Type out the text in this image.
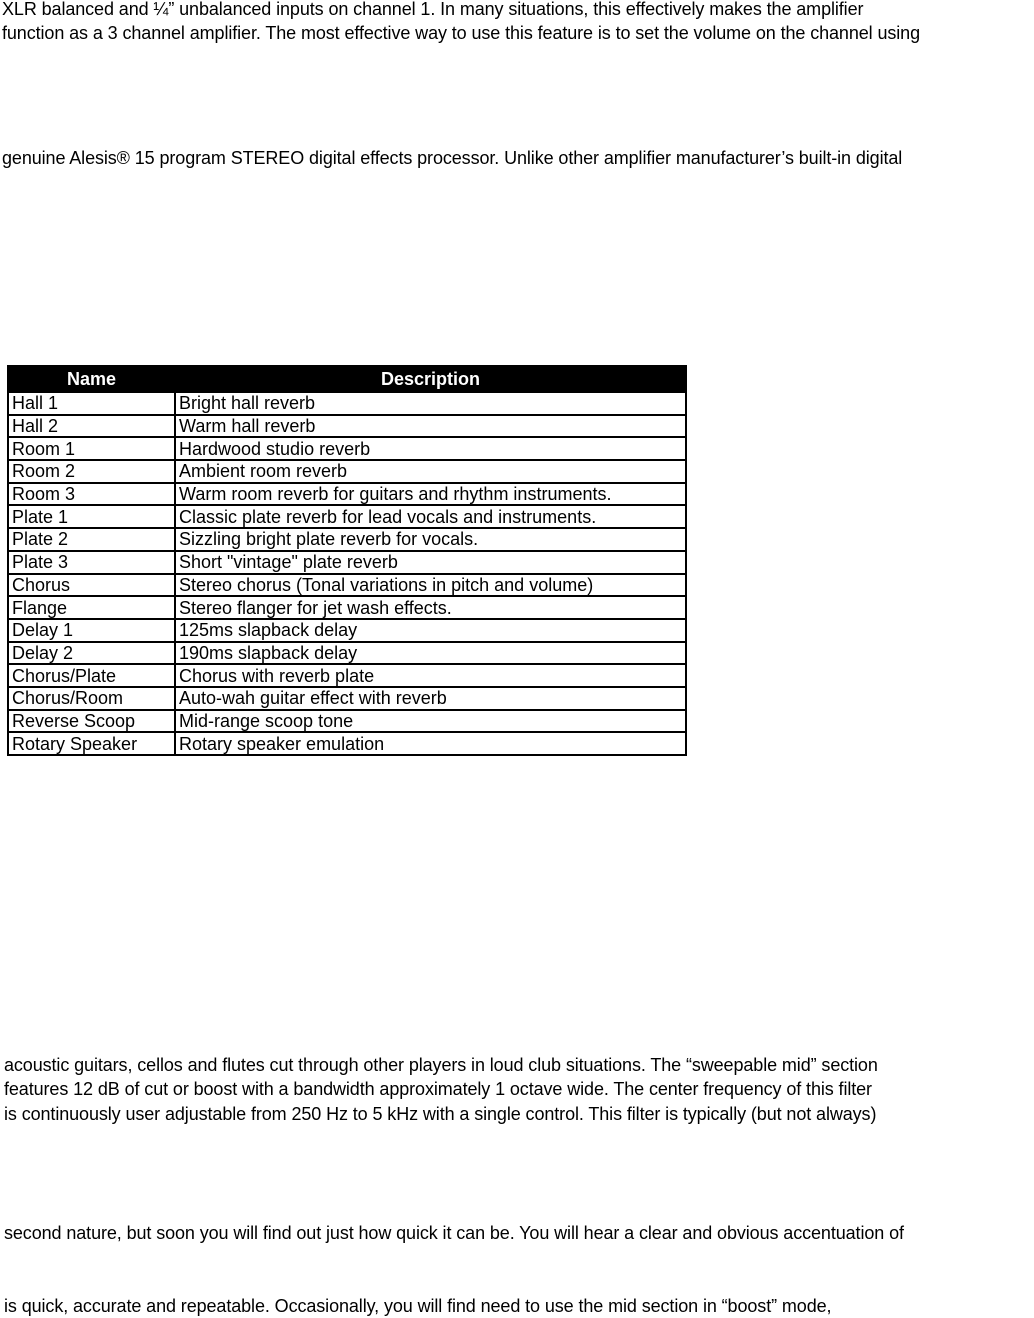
XLR balanced and ¼” unbalanced inputs on channel 1. In many situations, this effectively makes the amplifier
function as a 3 channel amplifier. The most effective way to use this feature is to set the volume on the channel using
genuine Alesis® 15 program STEREO digital effects processor. Unlike other amplifier manufacturer’s built-in digital
Name	Description
Hall 1	Bright hall reverb
Hall 2	Warm hall reverb
Room 1	Hardwood studio reverb
Room 2	Ambient room reverb
Room 3	Warm room reverb for guitars and rhythm instruments.
Plate 1	Classic plate reverb for lead vocals and instruments.
Plate 2	Sizzling bright plate reverb for vocals.
Plate 3	Short "vintage" plate reverb
Chorus	Stereo chorus (Tonal variations in pitch and volume)
Flange	Stereo flanger for jet wash effects.
Delay 1	125ms slapback delay
Delay 2	190ms slapback delay
Chorus/Plate	Chorus with reverb plate
Chorus/Room	Auto-wah guitar effect with reverb
Reverse Scoop	Mid-range scoop tone
Rotary Speaker	Rotary speaker emulation
acoustic guitars, cellos and flutes cut through other players in loud club situations. The “sweepable mid” section
features 12 dB of cut or boost with a bandwidth approximately 1 octave wide. The center frequency of this filter
is continuously user adjustable from 250 Hz to 5 kHz with a single control. This filter is typically (but not always)
second nature, but soon you will find out just how quick it can be. You will hear a clear and obvious accentuation of
is quick, accurate and repeatable. Occasionally, you will find need to use the mid section in “boost” mode,
